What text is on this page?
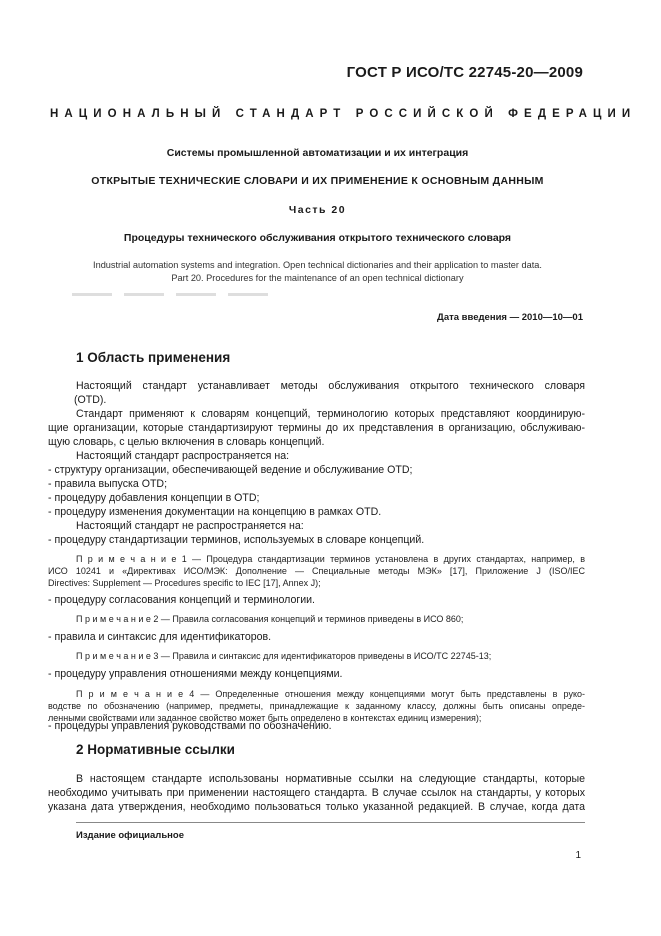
ГОСТ Р ИСО/ТС 22745-20—2009
НАЦИОНАЛЬНЫЙ СТАНДАРТ РОССИЙСКОЙ ФЕДЕРАЦИИ
Системы промышленной автоматизации и их интеграция
ОТКРЫТЫЕ ТЕХНИЧЕСКИЕ СЛОВАРИ И ИХ ПРИМЕНЕНИЕ К ОСНОВНЫМ ДАННЫМ
Часть 20
Процедуры технического обслуживания открытого технического словаря
Industrial automation systems and integration. Open technical dictionaries and their application to master data.
Part 20. Procedures for the maintenance of an open technical dictionary
Дата введения — 2010—10—01
1 Область применения
Настоящий стандарт устанавливает методы обслуживания открытого технического словаря
(OTD).
Стандарт применяют к словарям концепций, терминологию которых представляют координирую-
щие организации, которые стандартизируют термины до их представления в организацию, обслуживаю-
щую словарь, с целью включения в словарь концепций.
Настоящий стандарт распространяется на:
- структуру организации, обеспечивающей ведение и обслуживание OTD;
- правила выпуска OTD;
- процедуру добавления концепции в OTD;
- процедуру изменения документации на концепцию в рамках OTD.
Настоящий стандарт не распространяется на:
- процедуру стандартизации терминов, используемых в словаре концепций.
П р и м е ч а н и е 1 — Процедура стандартизации терминов установлена в других стандартах, например, в
ИСО 10241 и «Директивах ИСО/МЭК: Дополнение — Специальные методы МЭК» [17], Приложение J (ISO/IEC
Directives: Supplement — Procedures specific to IEC [17], Annex J);
- процедуру согласования концепций и терминологии.
П р и м е ч а н и е 2 — Правила согласования концепций и терминов приведены в ИСО 860;
- правила и синтаксис для идентификаторов.
П р и м е ч а н и е 3 — Правила и синтаксис для идентификаторов приведены в ИСО/ТС 22745-13;
- процедуру управления отношениями между концепциями.
П р и м е ч а н и е 4 — Определенные отношения между концепциями могут быть представлены в руко-
водстве по обозначению (например, предметы, принадлежащие к заданному классу, должны быть описаны опреде-
ленными свойствами или заданное свойство может быть определено в контекстах единиц измерения);
- процедуры управления руководствами по обозначению.
2 Нормативные ссылки
В настоящем стандарте использованы нормативные ссылки на следующие стандарты, которые
необходимо учитывать при применении настоящего стандарта. В случае ссылок на стандарты, у которых
указана дата утверждения, необходимо пользоваться только указанной редакцией. В случае, когда дата
Издание официальное
1
